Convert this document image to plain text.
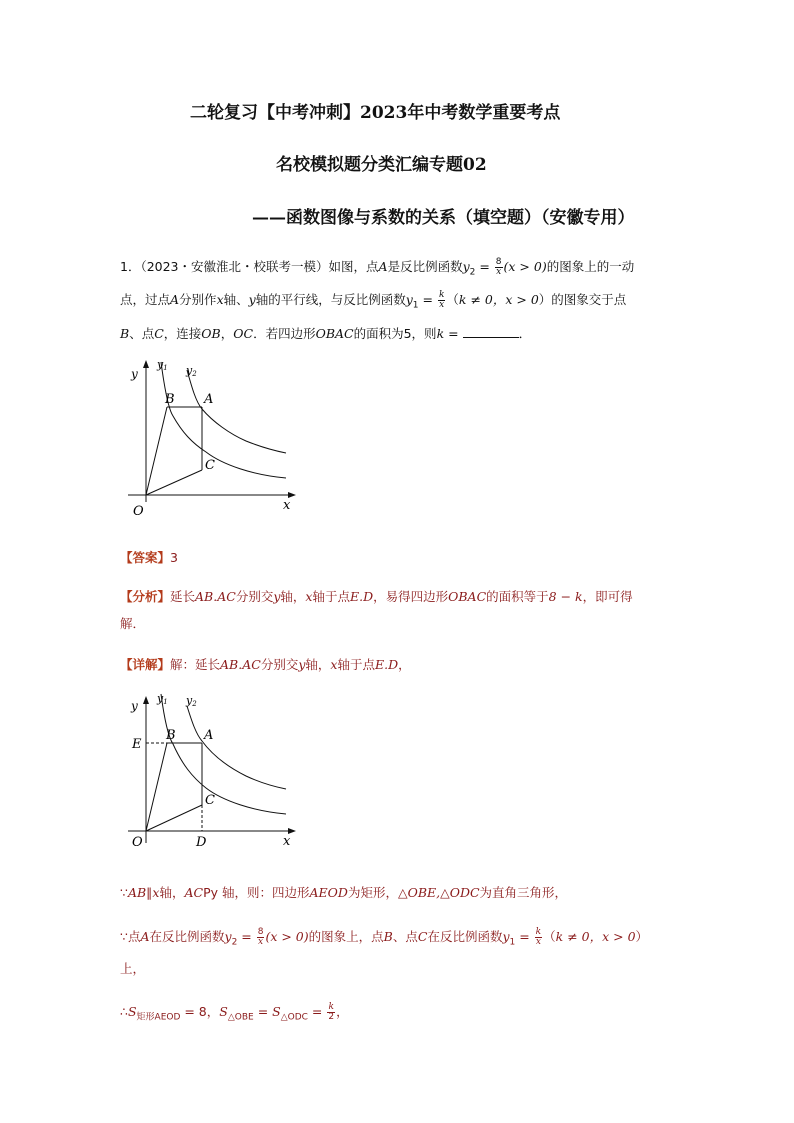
二轮复习【中考冲刺】2023年中考数学重要考点
名校模拟题分类汇编专题02
——函数图像与系数的关系（填空题）（安徽专用）
1．（2023・安徽淮北・校联考一模）如图，点A是反比例函数$y_2 = \frac{8}{x} (x > 0)$的图象上的一动
点，过点A分别作x轴、y轴的平行线，与反比例函数$y_1 = \frac{k}{x} (k \ne 0$，x > 0）的图象交于点
B、点C，连接OB，OC．若四边形OBAC的面积为5，则k =	．
y
y1 y2
B A
C
O	x
【答案】3
【分析】延长AB.AC分别交y轴，x轴于点E.D，易得四边形OBAC的面积等于8 − k，即可得
解．
【详解】解：延长AB.AC分别交y轴，x轴于点E.D，
y
y1 y2
E
B A
C
O	D	x
∵AB∥x轴，ACPy 轴，则：四边形AEOD为矩形，△OBE,△ODC为直角三角形，
∵点A在反比例函数$y_2 = \frac{8}{x} (x > 0)$的图象上，点B、点C在反比例函数$y_1 = \frac{k}{x} (k \ne 0$，x > 0）
上，
$\therefore S_{矩形AEOD} = 8$，$S_{\triangle OBE} = S_{\triangle ODC} = \frac{k}{2}$ ，
